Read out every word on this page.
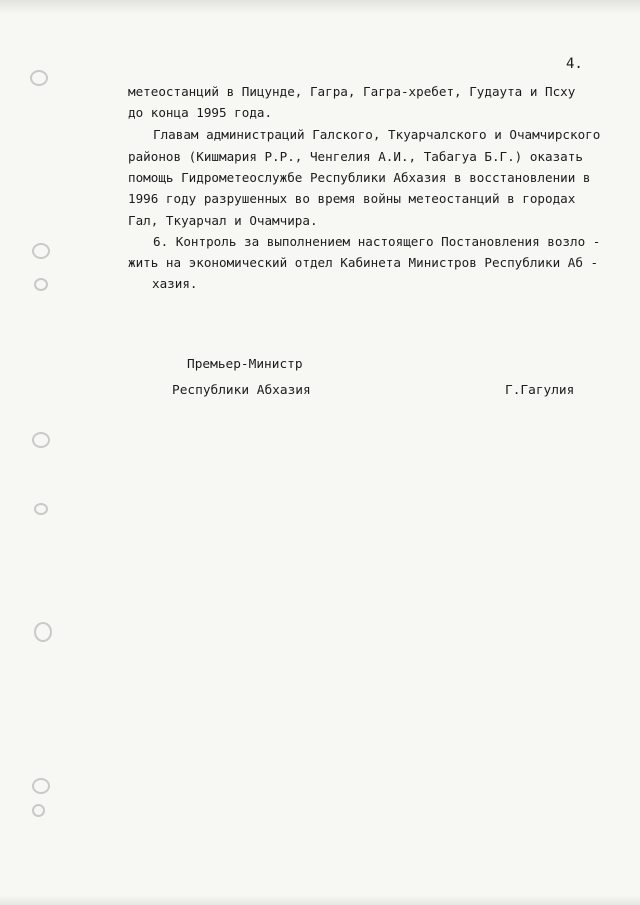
4.
метеостанций в Пицунде, Гагра, Гагра-хребет, Гудаута и Псху
до конца 1995 года.
Главам администраций Галского, Ткуарчалского и Очамчирского
районов (Кишмария Р.Р., Ченгелия А.И., Табагуа Б.Г.) оказать
помощь Гидрометеослужбе Республики Абхазия в восстановлении в
1996 году разрушенных во время войны метеостанций в городах
Гал, Ткуарчал и Очамчира.
6. Контроль за выполнением настоящего Постановления возло -
жить на экономический отдел Кабинета Министров Республики Аб -
хазия.
Премьер-Министр
Республики Абхазия	Г.Гагулия
